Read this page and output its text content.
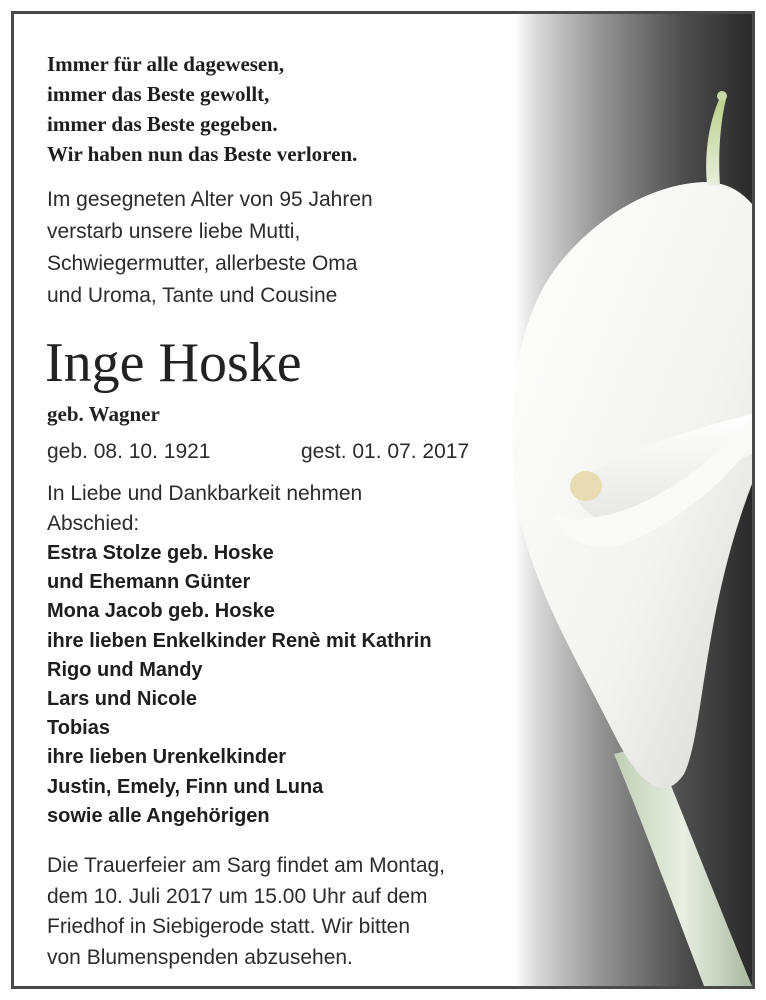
Immer für alle dagewesen,
immer das Beste gewollt,
immer das Beste gegeben.
Wir haben nun das Beste verloren.
Im gesegneten Alter von 95 Jahren
verstarb unsere liebe Mutti,
Schwiegermutter, allerbeste Oma
und Uroma, Tante und Cousine
Inge Hoske
geb. Wagner
geb. 08. 10. 1921	gest. 01. 07. 2017
In Liebe und Dankbarkeit nehmen
Abschied:
Estra Stolze geb. Hoske
und Ehemann Günter
Mona Jacob geb. Hoske
ihre lieben Enkelkinder Renè mit Kathrin
Rigo und Mandy
Lars und Nicole
Tobias
ihre lieben Urenkelkinder
Justin, Emely, Finn und Luna
sowie alle Angehörigen
Die Trauerfeier am Sarg findet am Montag,
dem 10. Juli 2017 um 15.00 Uhr auf dem
Friedhof in Siebigerode statt. Wir bitten
von Blumenspenden abzusehen.
